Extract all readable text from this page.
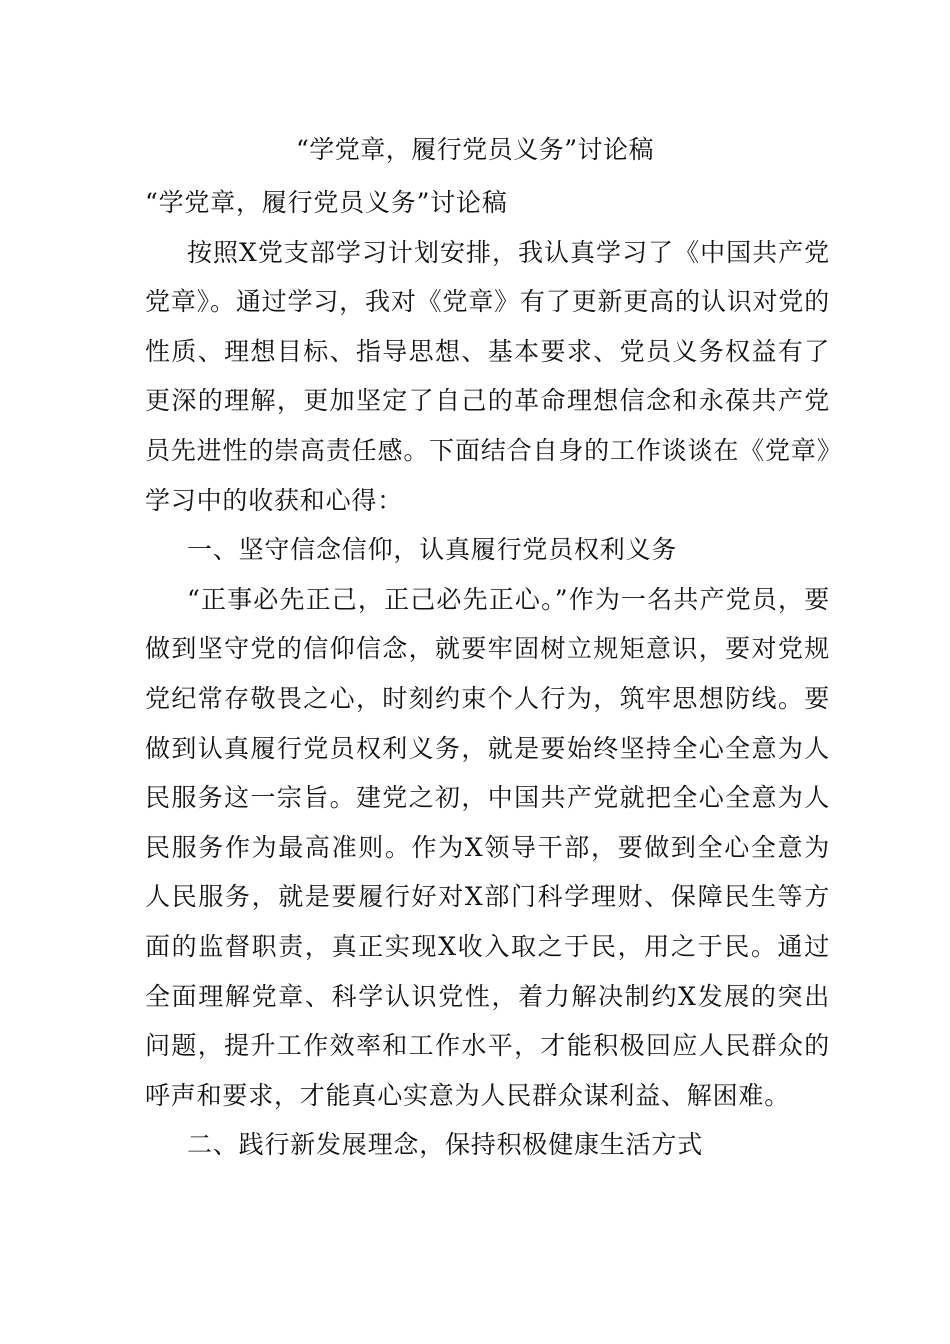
“学党章，履行党员义务”讨论稿

“学党章，履行党员义务”讨论稿

按照X党支部学习计划安排，我认真学习了《中国共产党党章》。通过学习，我对《党章》有了更新更高的认识对党的性质、理想目标、指导思想、基本要求、党员义务权益有了更深的理解，更加坚定了自己的革命理想信念和永葆共产党员先进性的崇高责任感。下面结合自身的工作谈谈在《党章》学习中的收获和心得：

一、坚守信念信仰，认真履行党员权利义务

“正事必先正己，正己必先正心。”作为一名共产党员，要做到坚守党的信仰信念，就要牢固树立规矩意识，要对党规党纪常存敬畏之心，时刻约束个人行为，筑牢思想防线。要做到认真履行党员权利义务，就是要始终坚持全心全意为人民服务这一宗旨。建党之初，中国共产党就把全心全意为人民服务作为最高准则。作为X领导干部，要做到全心全意为人民服务，就是要履行好对X部门科学理财、保障民生等方面的监督职责，真正实现X收入取之于民，用之于民。通过全面理解党章、科学认识党性，着力解决制约X发展的突出问题，提升工作效率和工作水平，才能积极回应人民群众的呼声和要求，才能真心实意为人民群众谋利益、解困难。

二、践行新发展理念，保持积极健康生活方式
